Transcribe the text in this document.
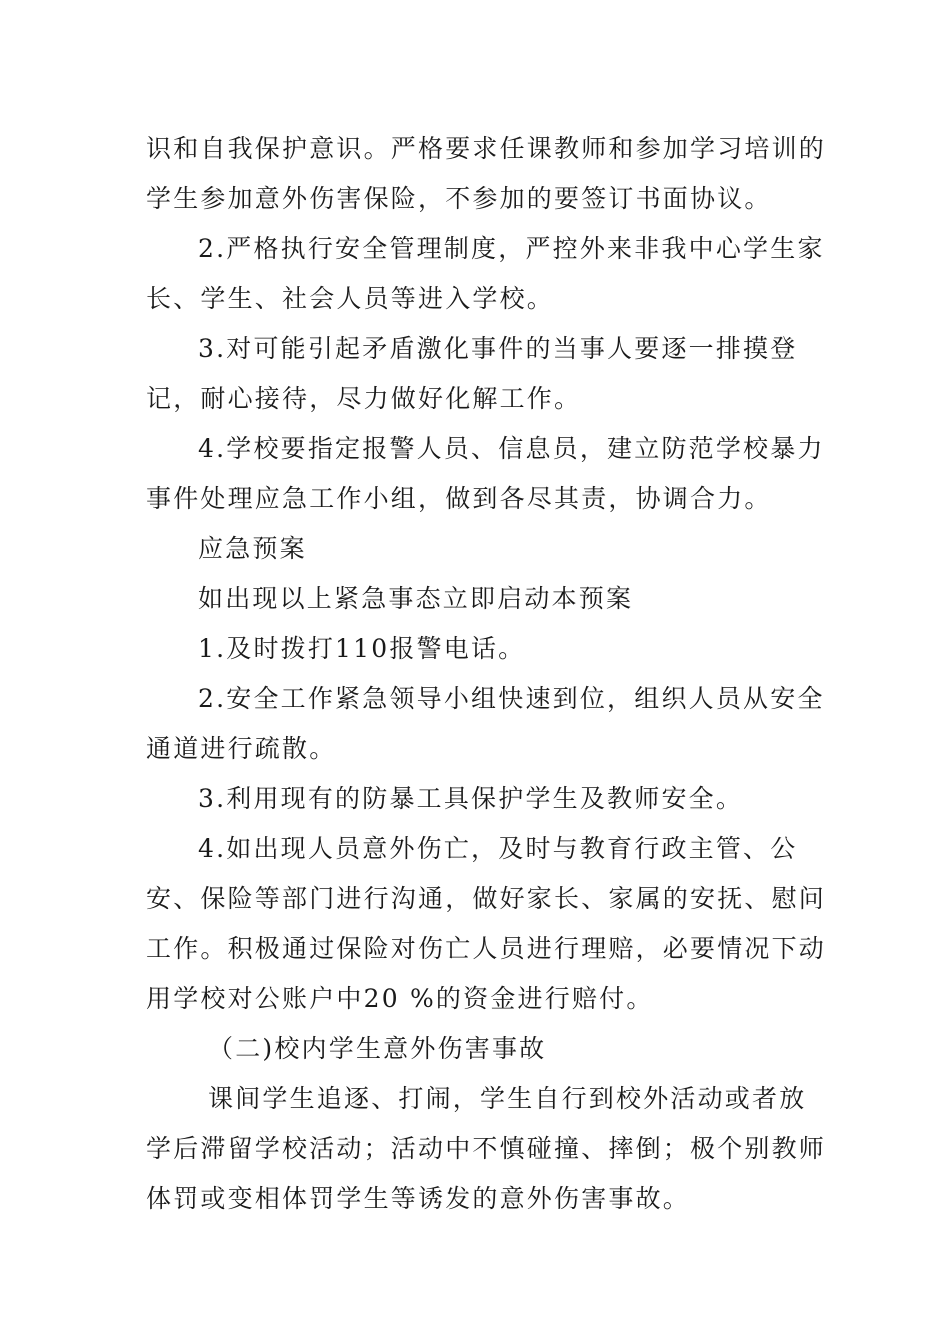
识和自我保护意识。严格要求任课教师和参加学习培训的学生参加意外伤害保险，不参加的要签订书面协议。

2.严格执行安全管理制度，严控外来非我中心学生家长、学生、社会人员等进入学校。

3.对可能引起矛盾激化事件的当事人要逐一排摸登记，耐心接待，尽力做好化解工作。

4.学校要指定报警人员、信息员，建立防范学校暴力事件处理应急工作小组，做到各尽其责，协调合力。

应急预案

如出现以上紧急事态立即启动本预案

1.及时拨打110报警电话。

2.安全工作紧急领导小组快速到位，组织人员从安全通道进行疏散。

3.利用现有的防暴工具保护学生及教师安全。

4.如出现人员意外伤亡，及时与教育行政主管、公安、保险等部门进行沟通，做好家长、家属的安抚、慰问工作。积极通过保险对伤亡人员进行理赔，必要情况下动用学校对公账户中20 %的资金进行赔付。

（二)校内学生意外伤害事故

课间学生追逐、打闹，学生自行到校外活动或者放学后滞留学校活动；活动中不慎碰撞、摔倒；极个别教师体罚或变相体罚学生等诱发的意外伤害事故。
